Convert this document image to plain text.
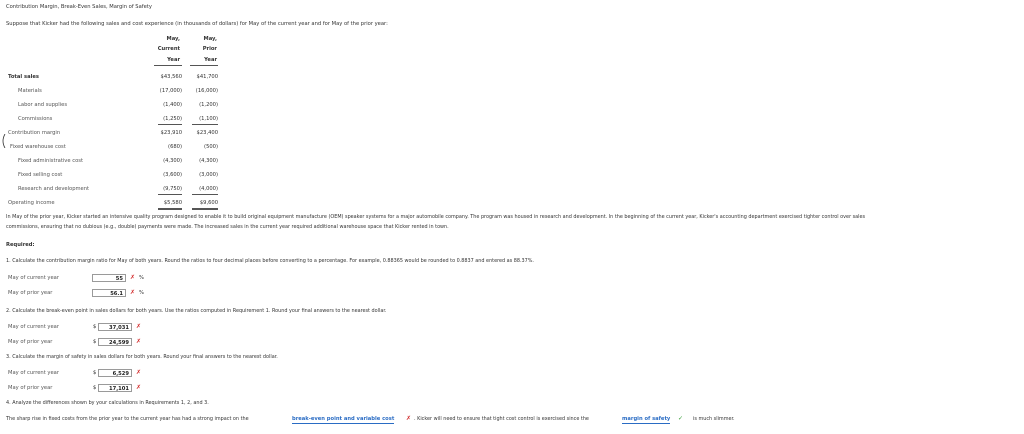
Contribution Margin, Break-Even Sales, Margin of Safety
Suppose that Kicker had the following sales and cost experience (in thousands of dollars) for May of the current year and for May of the prior year:
May,
Current
Year
May,
Prior
Year
Total sales	$43,560	$41,700
Materials	(17,000)	(16,000)
Labor and supplies	(1,400)	(1,200)
Commissions	(1,250)	(1,100)
Contribution margin	$23,910	$23,400
Fixed warehouse cost	(680)	(500)
Fixed administrative cost	(4,300)	(4,300)
Fixed selling cost	(3,600)	(3,000)
Research and development	(9,750)	(4,000)
Operating income	$5,580	$9,600
In May of the prior year, Kicker started an intensive quality program designed to enable it to build original equipment manufacture (OEM) speaker systems for a major automobile company. The program was housed in research and development. In the beginning of the current year, Kicker's accounting department exercised tighter control over sales
commissions, ensuring that no dubious (e.g., double) payments were made. The increased sales in the current year required additional warehouse space that Kicker rented in town.
Required:
1. Calculate the contribution margin ratio for May of both years. Round the ratios to four decimal places before converting to a percentage. For example, 0.88365 would be rounded to 0.8837 and entered as 88.37%.
May of current year	55	✗ %
May of prior year	56.1	✗ %
2. Calculate the break-even point in sales dollars for both years. Use the ratios computed in Requirement 1. Round your final answers to the nearest dollar.
May of current year	$	37,031	✗
May of prior year	$	24,599	✗
3. Calculate the margin of safety in sales dollars for both years. Round your final answers to the nearest dollar.
May of current year	$	6,529	✗
May of prior year	$	17,101	✗
4. Analyze the differences shown by your calculations in Requirements 1, 2, and 3.
The sharp rise in fixed costs from the prior year to the current year has had a strong impact on the	break-even point and variable cost ✗ . Kicker will need to ensure that tight cost control is exercised since the	margin of safety ✓ is much slimmer.
